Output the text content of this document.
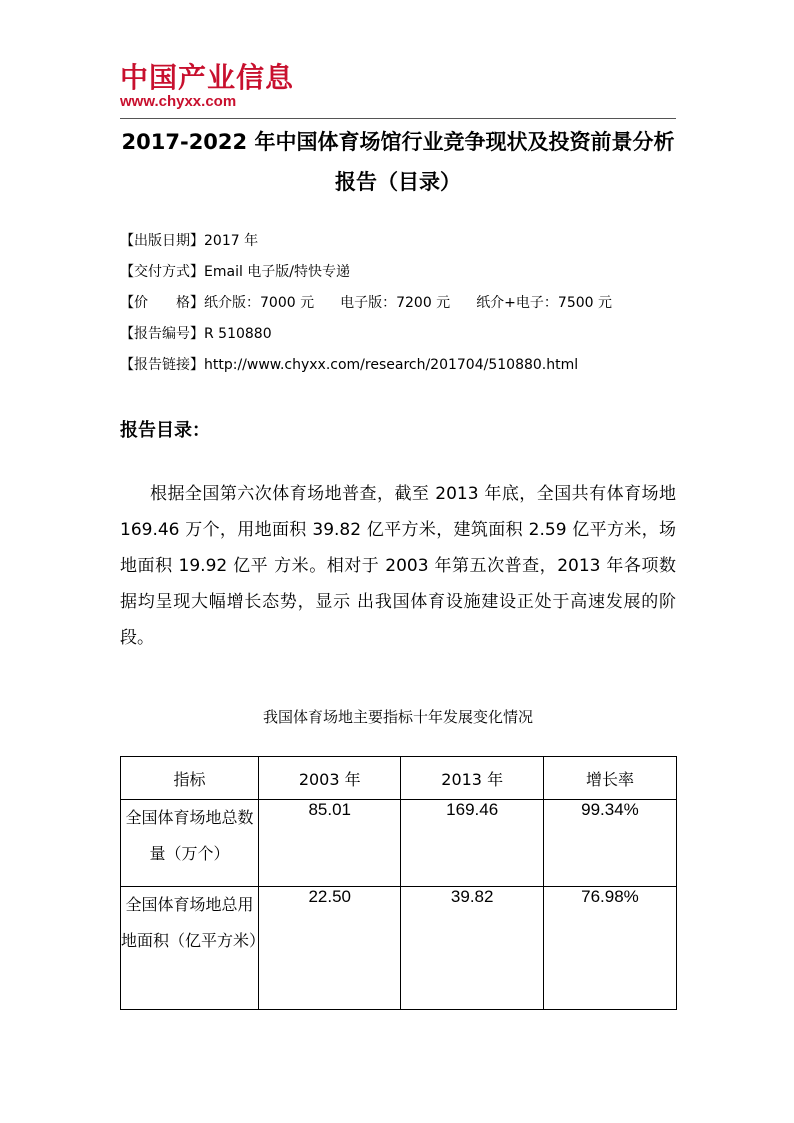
中国产业信息
www.chyxx.com
2017-2022 年中国体育场馆行业竞争现状及投资前景分析报告（目录）
【出版日期】2017 年
【交付方式】Email 电子版/特快专递
【价　　格】纸介版：7000 元 电子版：7200 元 纸介+电子：7500 元
【报告编号】R 510880
【报告链接】http://www.chyxx.com/research/201704/510880.html
报告目录：
根据全国第六次体育场地普查，截至 2013 年底，全国共有体育场地 169.46 万个，用地面积 39.82 亿平方米，建筑面积 2.59 亿平方米，场地面积 19.92 亿平 方米。相对于 2003 年第五次普查，2013 年各项数据均呈现大幅增长态势，显示 出我国体育设施建设正处于高速发展的阶段。
我国体育场地主要指标十年发展变化情况
指标	2003 年	2013 年	增长率
全国体育场地总数量（万个）	85.01	169.46	99.34%
全国体育场地总用地面积（亿平方米）	22.50	39.82	76.98%
